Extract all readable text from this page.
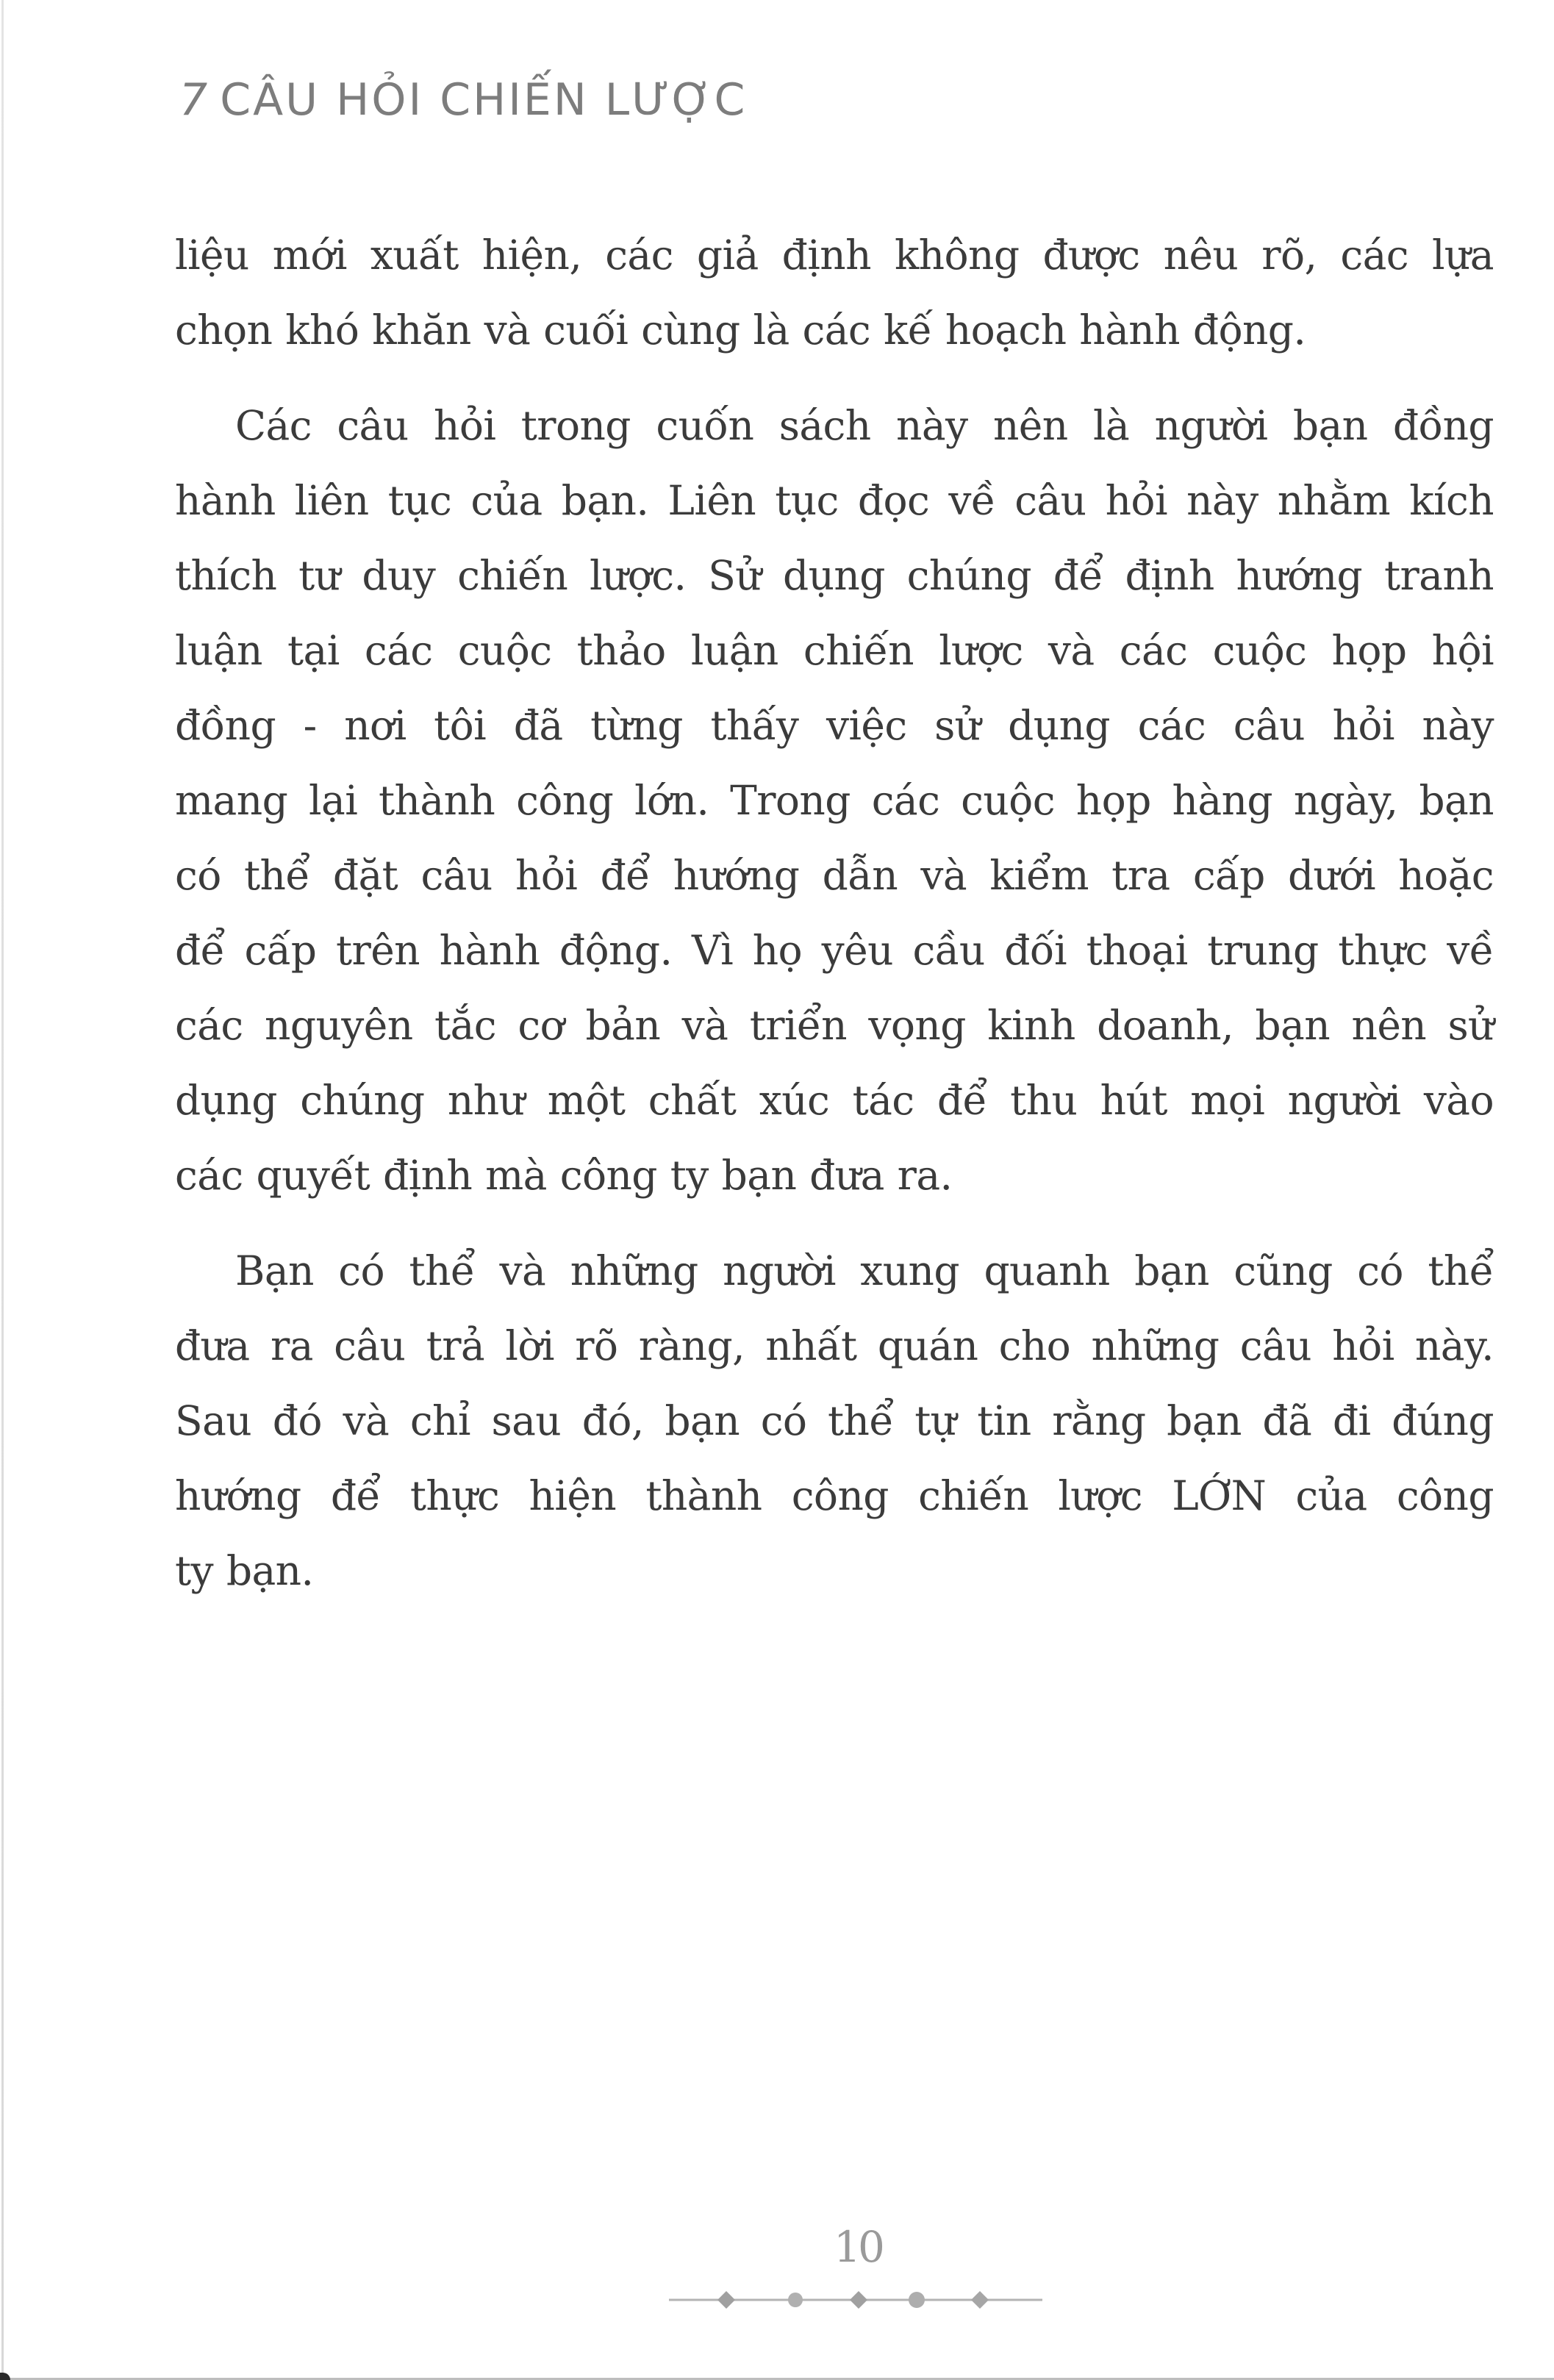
7 CÂU HỎI CHIẾN LƯỢC
liệu mới xuất hiện, các giả định không được nêu rõ, các lựa
chọn khó khăn và cuối cùng là các kế hoạch hành động.
Các câu hỏi trong cuốn sách này nên là người bạn đồng
hành liên tục của bạn. Liên tục đọc về câu hỏi này nhằm kích
thích tư duy chiến lược. Sử dụng chúng để định hướng tranh
luận tại các cuộc thảo luận chiến lược và các cuộc họp hội
đồng - nơi tôi đã từng thấy việc sử dụng các câu hỏi này
mang lại thành công lớn. Trong các cuộc họp hàng ngày, bạn
có thể đặt câu hỏi để hướng dẫn và kiểm tra cấp dưới hoặc
để cấp trên hành động. Vì họ yêu cầu đối thoại trung thực về
các nguyên tắc cơ bản và triển vọng kinh doanh, bạn nên sử
dụng chúng như một chất xúc tác để thu hút mọi người vào
các quyết định mà công ty bạn đưa ra.
Bạn có thể và những người xung quanh bạn cũng có thể
đưa ra câu trả lời rõ ràng, nhất quán cho những câu hỏi này.
Sau đó và chỉ sau đó, bạn có thể tự tin rằng bạn đã đi đúng
hướng để thực hiện thành công chiến lược LỚN của công
ty bạn.
10
